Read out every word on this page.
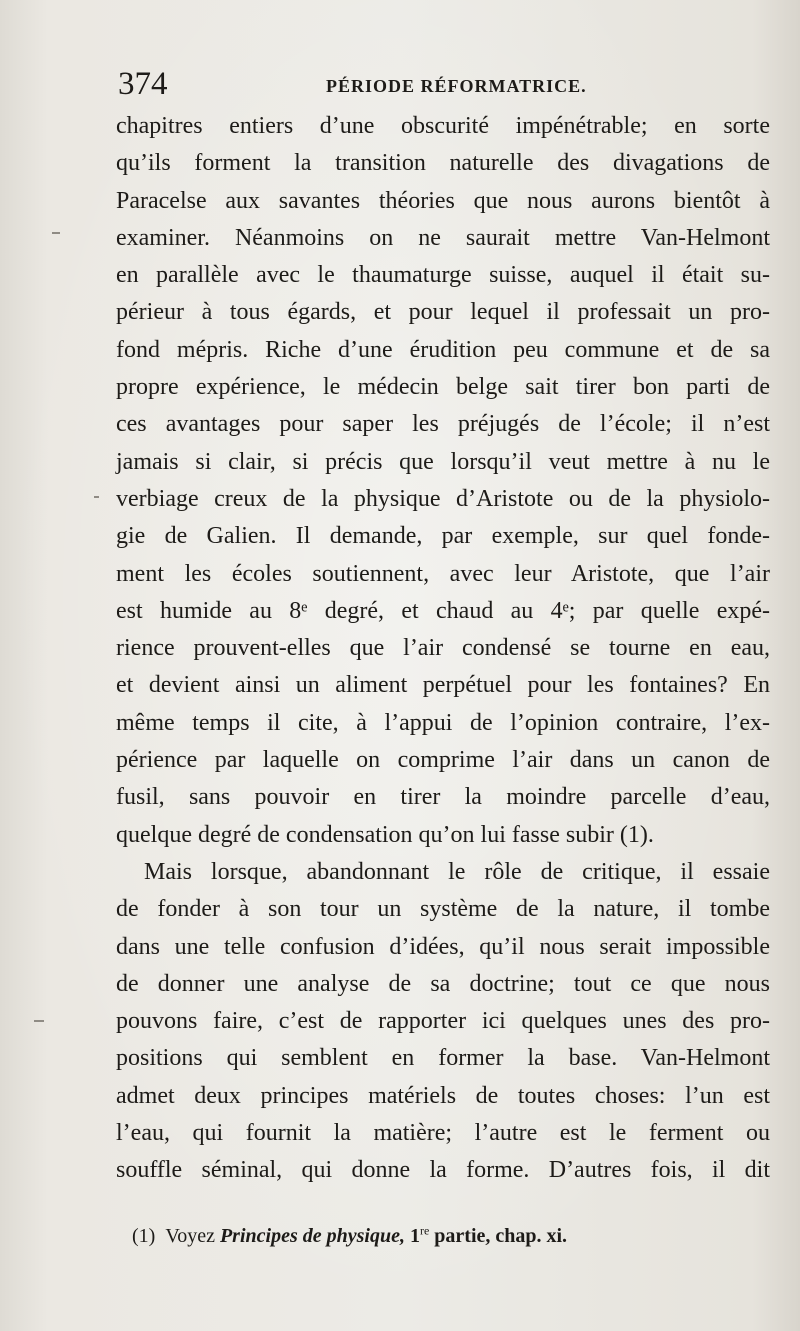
374	PÉRIODE RÉFORMATRICE.
chapitres entiers d’une obscurité impénétrable; en sorte
qu’ils forment la transition naturelle des divagations de
Paracelse aux savantes théories que nous aurons bientôt à
examiner. Néanmoins on ne saurait mettre Van-Helmont
en parallèle avec le thaumaturge suisse, auquel il était su-
périeur à tous égards, et pour lequel il professait un pro-
fond mépris. Riche d’une érudition peu commune et de sa
propre expérience, le médecin belge sait tirer bon parti de
ces avantages pour saper les préjugés de l’école; il n’est
jamais si clair, si précis que lorsqu’il veut mettre à nu le
verbiage creux de la physique d’Aristote ou de la physiolo-
gie de Galien. Il demande, par exemple, sur quel fonde-
ment les écoles soutiennent, avec leur Aristote, que l’air
est humide au 8ᵉ degré, et chaud au 4ᵉ; par quelle expé-
rience prouvent-elles que l’air condensé se tourne en eau,
et devient ainsi un aliment perpétuel pour les fontaines? En
même temps il cite, à l’appui de l’opinion contraire, l’ex-
périence par laquelle on comprime l’air dans un canon de
fusil, sans pouvoir en tirer la moindre parcelle d’eau,
quelque degré de condensation qu’on lui fasse subir (1).
Mais lorsque, abandonnant le rôle de critique, il essaie
de fonder à son tour un système de la nature, il tombe
dans une telle confusion d’idées, qu’il nous serait impossible
de donner une analyse de sa doctrine; tout ce que nous
pouvons faire, c’est de rapporter ici quelques unes des pro-
positions qui semblent en former la base. Van-Helmont
admet deux principes matériels de toutes choses: l’un est
l’eau, qui fournit la matière; l’autre est le ferment ou
souffle séminal, qui donne la forme. D’autres fois, il dit
(1) Voyez Principes de physique, 1re partie, chap. xi.
